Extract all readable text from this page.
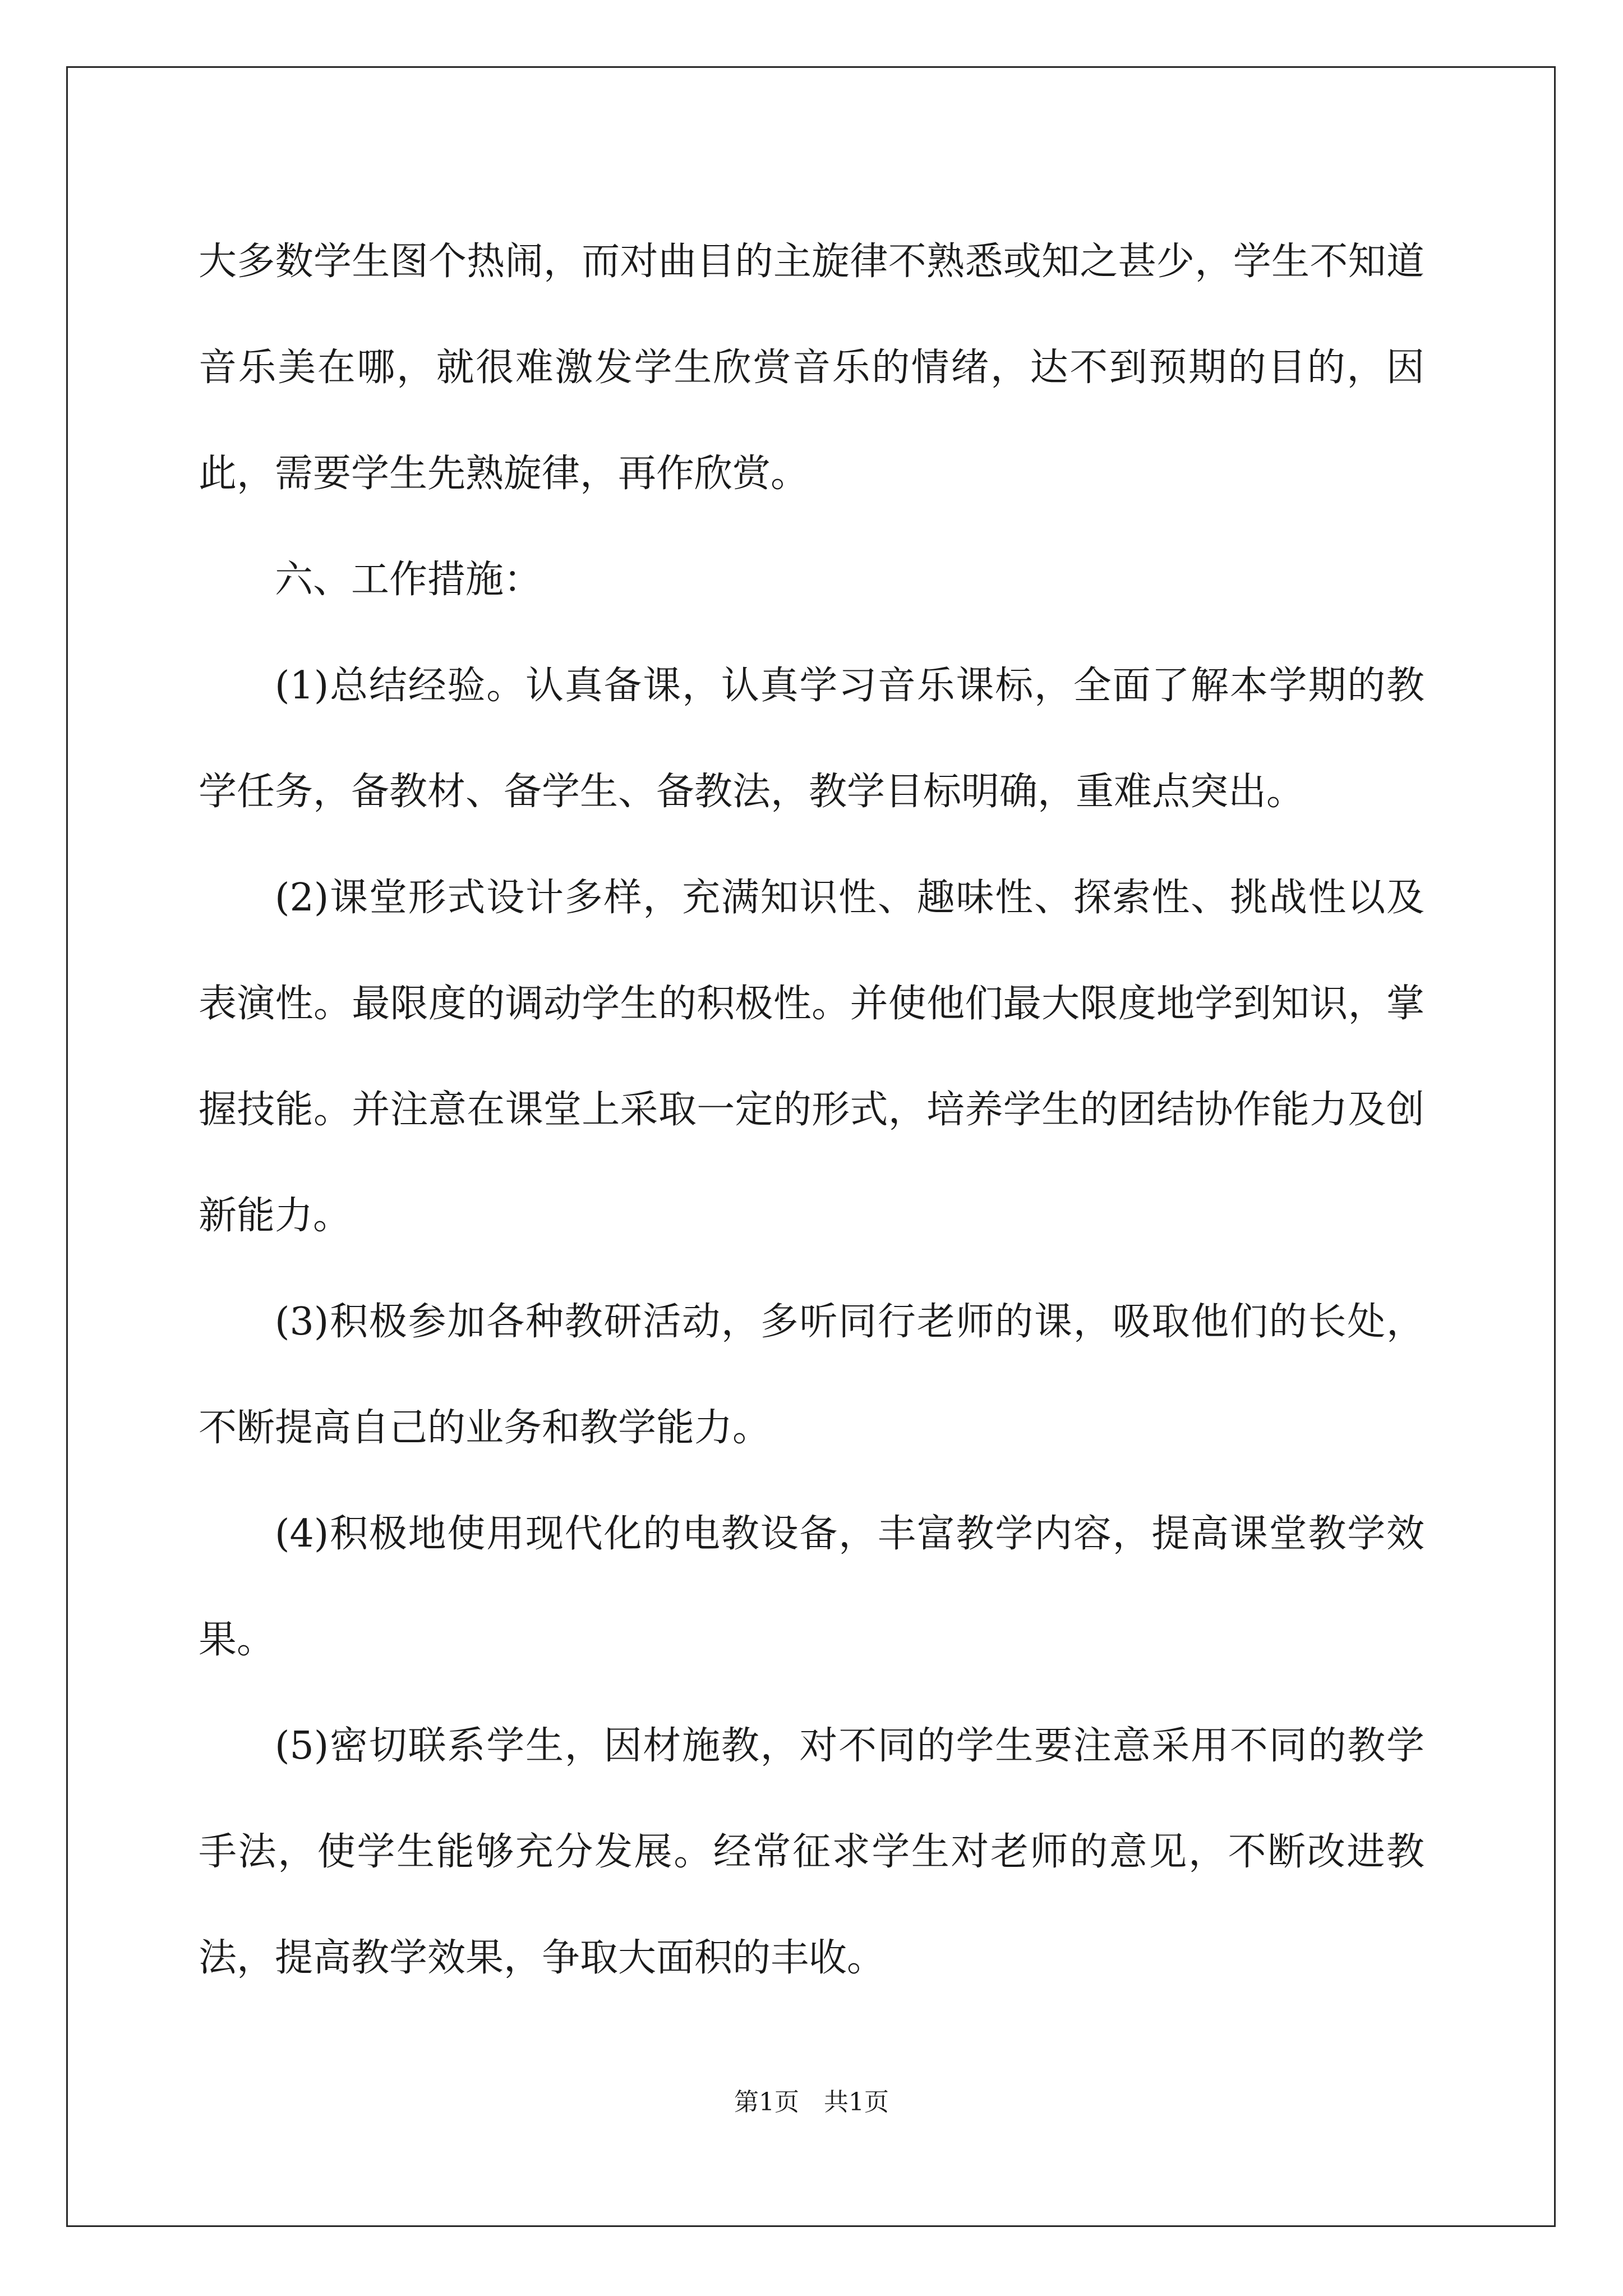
大多数学生图个热闹，而对曲目的主旋律不熟悉或知之甚少，学生不知道音乐美在哪，就很难激发学生欣赏音乐的情绪，达不到预期的目的，因此，需要学生先熟旋律，再作欣赏。

六、工作措施：

(1)总结经验。认真备课，认真学习音乐课标，全面了解本学期的教学任务，备教材、备学生、备教法，教学目标明确，重难点突出。

(2)课堂形式设计多样，充满知识性、趣味性、探索性、挑战性以及表演性。最限度的调动学生的积极性。并使他们最大限度地学到知识，掌握技能。并注意在课堂上采取一定的形式，培养学生的团结协作能力及创新能力。

(3)积极参加各种教研活动，多听同行老师的课，吸取他们的长处，不断提高自己的业务和教学能力。

(4)积极地使用现代化的电教设备，丰富教学内容，提高课堂教学效果。

(5)密切联系学生，因材施教，对不同的学生要注意采用不同的教学手法，使学生能够充分发展。经常征求学生对老师的意见，不断改进教法，提高教学效果，争取大面积的丰收。

第1页　共1页
